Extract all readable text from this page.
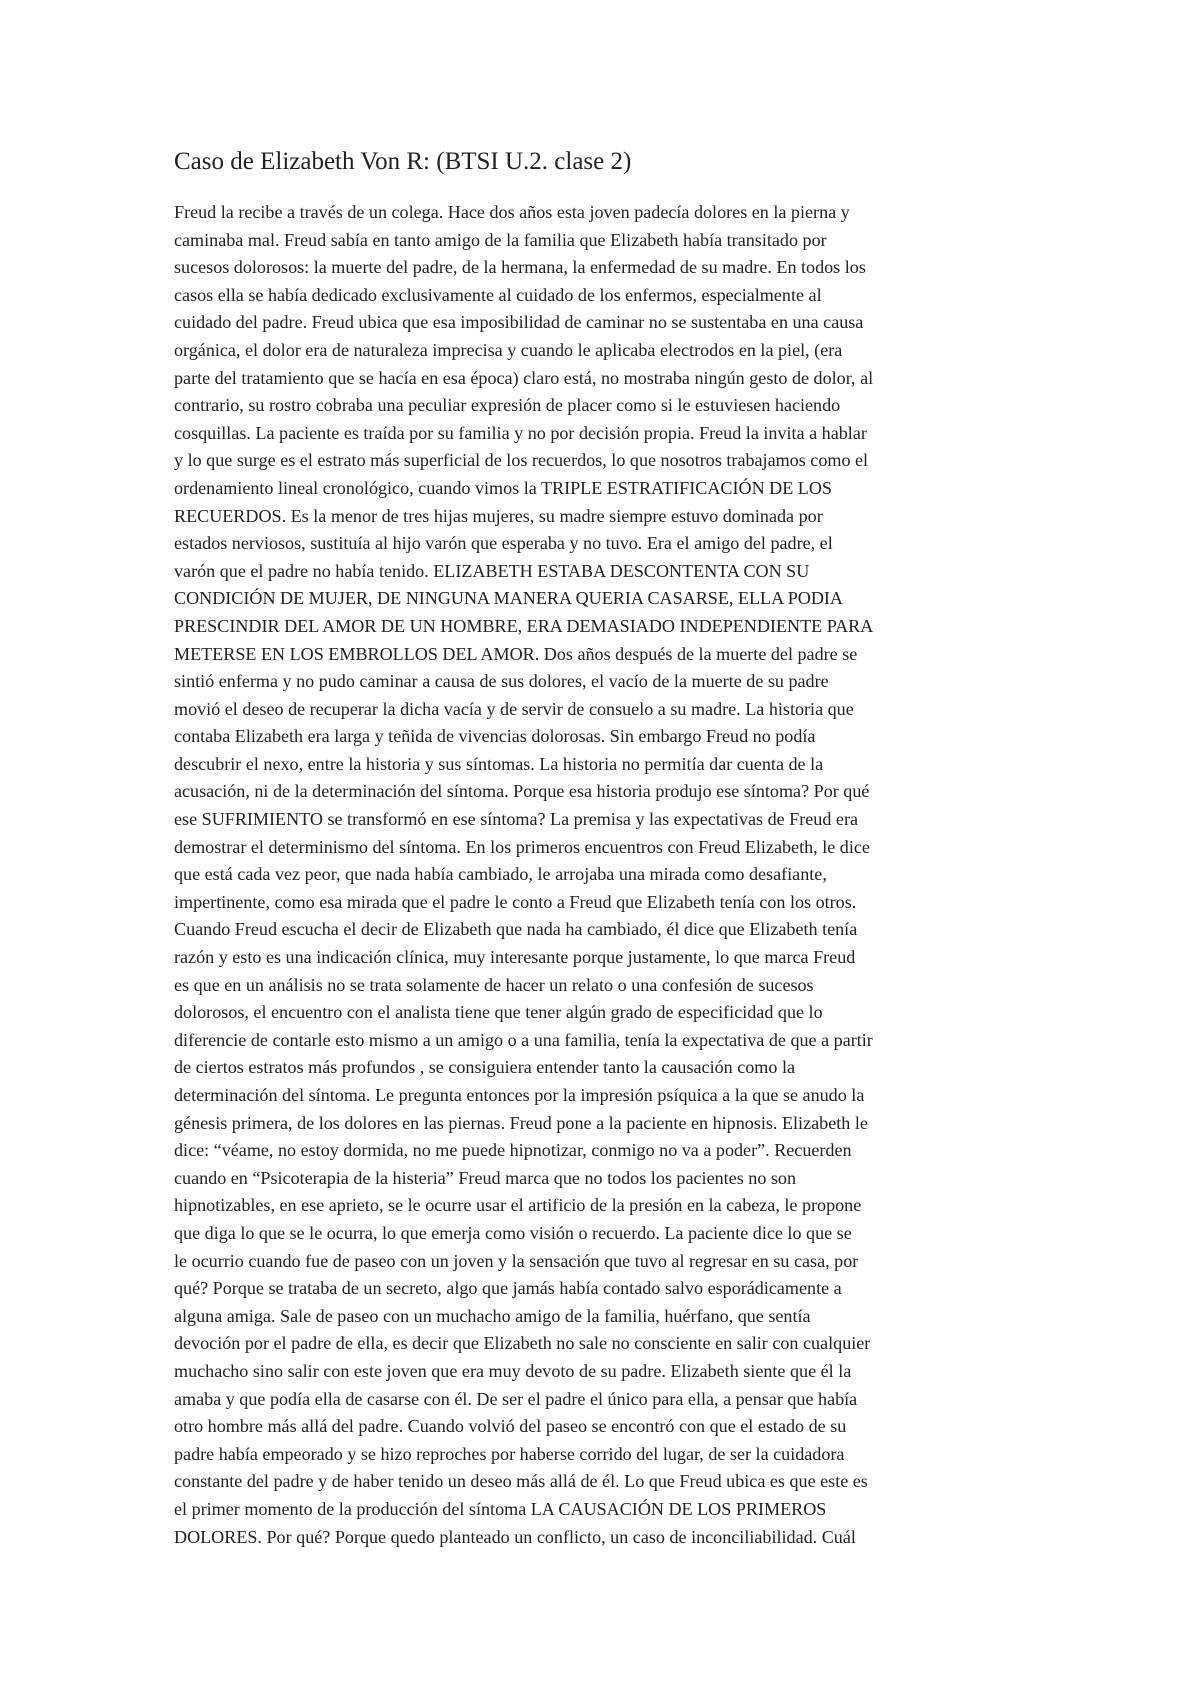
Caso de Elizabeth Von R: (BTSI U.2. clase 2)
Freud la recibe a través de un colega. Hace dos años esta joven padecía dolores en la pierna y
caminaba mal. Freud sabía en tanto amigo de la familia que Elizabeth había transitado por
sucesos dolorosos: la muerte del padre, de la hermana, la enfermedad de su madre. En todos los
casos ella se había dedicado exclusivamente al cuidado de los enfermos, especialmente al
cuidado del padre. Freud ubica que esa imposibilidad de caminar no se sustentaba en una causa
orgánica, el dolor era de naturaleza imprecisa y cuando le aplicaba electrodos en la piel, (era
parte del tratamiento que se hacía en esa época) claro está, no mostraba ningún gesto de dolor, al
contrario, su rostro cobraba una peculiar expresión de placer como si le estuviesen haciendo
cosquillas. La paciente es traída por su familia y no por decisión propia. Freud la invita a hablar
y lo que surge es el estrato más superficial de los recuerdos, lo que nosotros trabajamos como el
ordenamiento lineal cronológico, cuando vimos la TRIPLE ESTRATIFICACIÓN DE LOS
RECUERDOS. Es la menor de tres hijas mujeres, su madre siempre estuvo dominada por
estados nerviosos, sustituía al hijo varón que esperaba y no tuvo. Era el amigo del padre, el
varón que el padre no había tenido. ELIZABETH ESTABA DESCONTENTA CON SU
CONDICIÓN DE MUJER, DE NINGUNA MANERA QUERIA CASARSE, ELLA PODIA
PRESCINDIR DEL AMOR DE UN HOMBRE, ERA DEMASIADO INDEPENDIENTE PARA
METERSE EN LOS EMBROLLOS DEL AMOR. Dos años después de la muerte del padre se
sintió enferma y no pudo caminar a causa de sus dolores, el vacío de la muerte de su padre
movió el deseo de recuperar la dicha vacía y de servir de consuelo a su madre. La historia que
contaba Elizabeth era larga y teñida de vivencias dolorosas. Sin embargo Freud no podía
descubrir el nexo, entre la historia y sus síntomas. La historia no permitía dar cuenta de la
acusación, ni de la determinación del síntoma. Porque esa historia produjo ese síntoma? Por qué
ese SUFRIMIENTO se transformó en ese síntoma? La premisa y las expectativas de Freud era
demostrar el determinismo del síntoma. En los primeros encuentros con Freud Elizabeth, le dice
que está cada vez peor, que nada había cambiado, le arrojaba una mirada como desafiante,
impertinente, como esa mirada que el padre le conto a Freud que Elizabeth tenía con los otros.
Cuando Freud escucha el decir de Elizabeth que nada ha cambiado, él dice que Elizabeth tenía
razón y esto es una indicación clínica, muy interesante porque justamente, lo que marca Freud
es que en un análisis no se trata solamente de hacer un relato o una confesión de sucesos
dolorosos, el encuentro con el analista tiene que tener algún grado de especificidad que lo
diferencie de contarle esto mismo a un amigo o a una familia, tenía la expectativa de que a partir
de ciertos estratos más profundos , se consiguiera entender tanto la causación como la
determinación del síntoma. Le pregunta entonces por la impresión psíquica a la que se anudo la
génesis primera, de los dolores en las piernas. Freud pone a la paciente en hipnosis. Elizabeth le
dice: “véame, no estoy dormida, no me puede hipnotizar, conmigo no va a poder”. Recuerden
cuando en “Psicoterapia de la histeria” Freud marca que no todos los pacientes no son
hipnotizables, en ese aprieto, se le ocurre usar el artificio de la presión en la cabeza, le propone
que diga lo que se le ocurra, lo que emerja como visión o recuerdo. La paciente dice lo que se
le ocurrio cuando fue de paseo con un joven y la sensación que tuvo al regresar en su casa, por
qué? Porque se trataba de un secreto, algo que jamás había contado salvo esporádicamente a
alguna amiga. Sale de paseo con un muchacho amigo de la familia, huérfano, que sentía
devoción por el padre de ella, es decir que Elizabeth no sale no consciente en salir con cualquier
muchacho sino salir con este joven que era muy devoto de su padre. Elizabeth siente que él la
amaba y que podía ella de casarse con él. De ser el padre el único para ella, a pensar que había
otro hombre más allá del padre. Cuando volvió del paseo se encontró con que el estado de su
padre había empeorado y se hizo reproches por haberse corrido del lugar, de ser la cuidadora
constante del padre y de haber tenido un deseo más allá de él. Lo que Freud ubica es que este es
el primer momento de la producción del síntoma LA CAUSACIÓN DE LOS PRIMEROS
DOLORES. Por qué? Porque quedo planteado un conflicto, un caso de inconciliabilidad. Cuál
